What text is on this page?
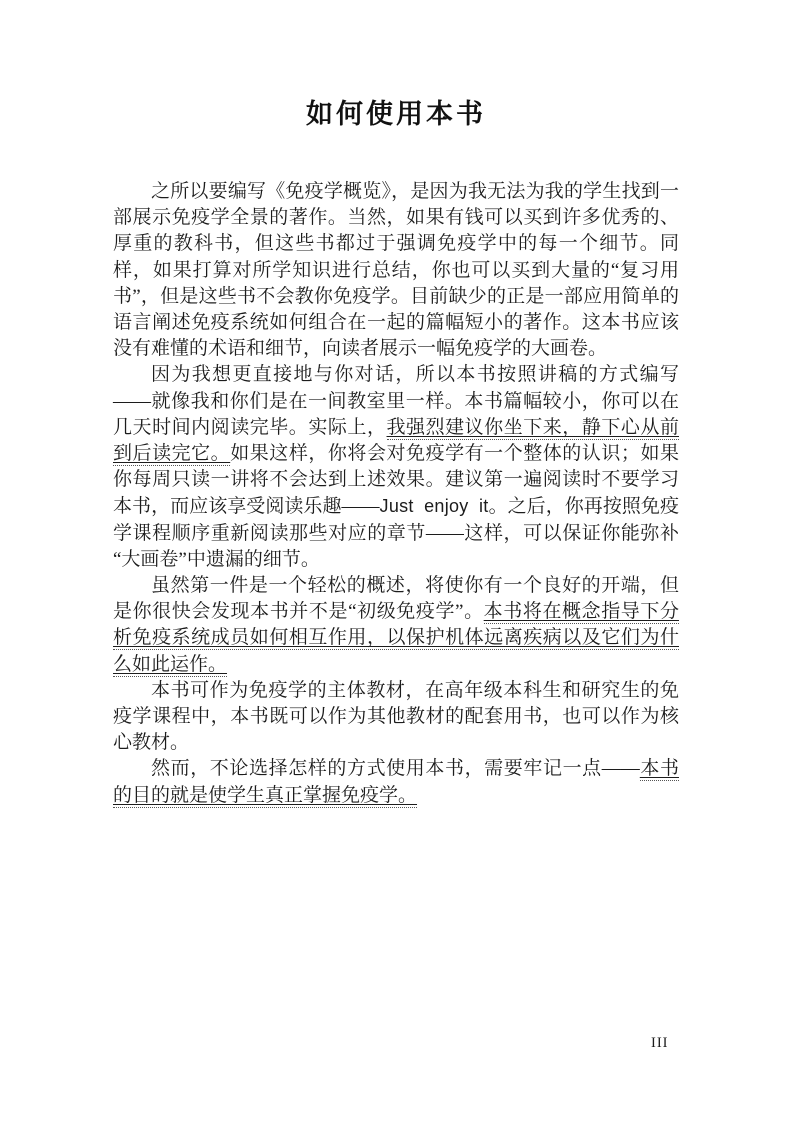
如何使用本书

之所以要编写《免疫学概览》，是因为我无法为我的学生找到一部展示免疫学全景的著作。当然，如果有钱可以买到许多优秀的、厚重的教科书，但这些书都过于强调免疫学中的每一个细节。同样，如果打算对所学知识进行总结，你也可以买到大量的“复习用书”，但是这些书不会教你免疫学。目前缺少的正是一部应用简单的语言阐述免疫系统如何组合在一起的篇幅短小的著作。这本书应该没有难懂的术语和细节，向读者展示一幅免疫学的大画卷。

因为我想更直接地与你对话，所以本书按照讲稿的方式编写——就像我和你们是在一间教室里一样。本书篇幅较小，你可以在几天时间内阅读完毕。实际上，我强烈建议你坐下来，静下心从前到后读完它。如果这样，你将会对免疫学有一个整体的认识；如果你每周只读一讲将不会达到上述效果。建议第一遍阅读时不要学习本书，而应该享受阅读乐趣——Just enjoy it。之后，你再按照免疫学课程顺序重新阅读那些对应的章节——这样，可以保证你能弥补“大画卷”中遗漏的细节。

虽然第一件是一个轻松的概述，将使你有一个良好的开端，但是你很快会发现本书并不是“初级免疫学”。本书将在概念指导下分析免疫系统成员如何相互作用，以保护机体远离疾病以及它们为什么如此运作。

本书可作为免疫学的主体教材，在高年级本科生和研究生的免疫学课程中，本书既可以作为其他教材的配套用书，也可以作为核心教材。

然而，不论选择怎样的方式使用本书，需要牢记一点——本书的目的就是使学生真正掌握免疫学。

III
